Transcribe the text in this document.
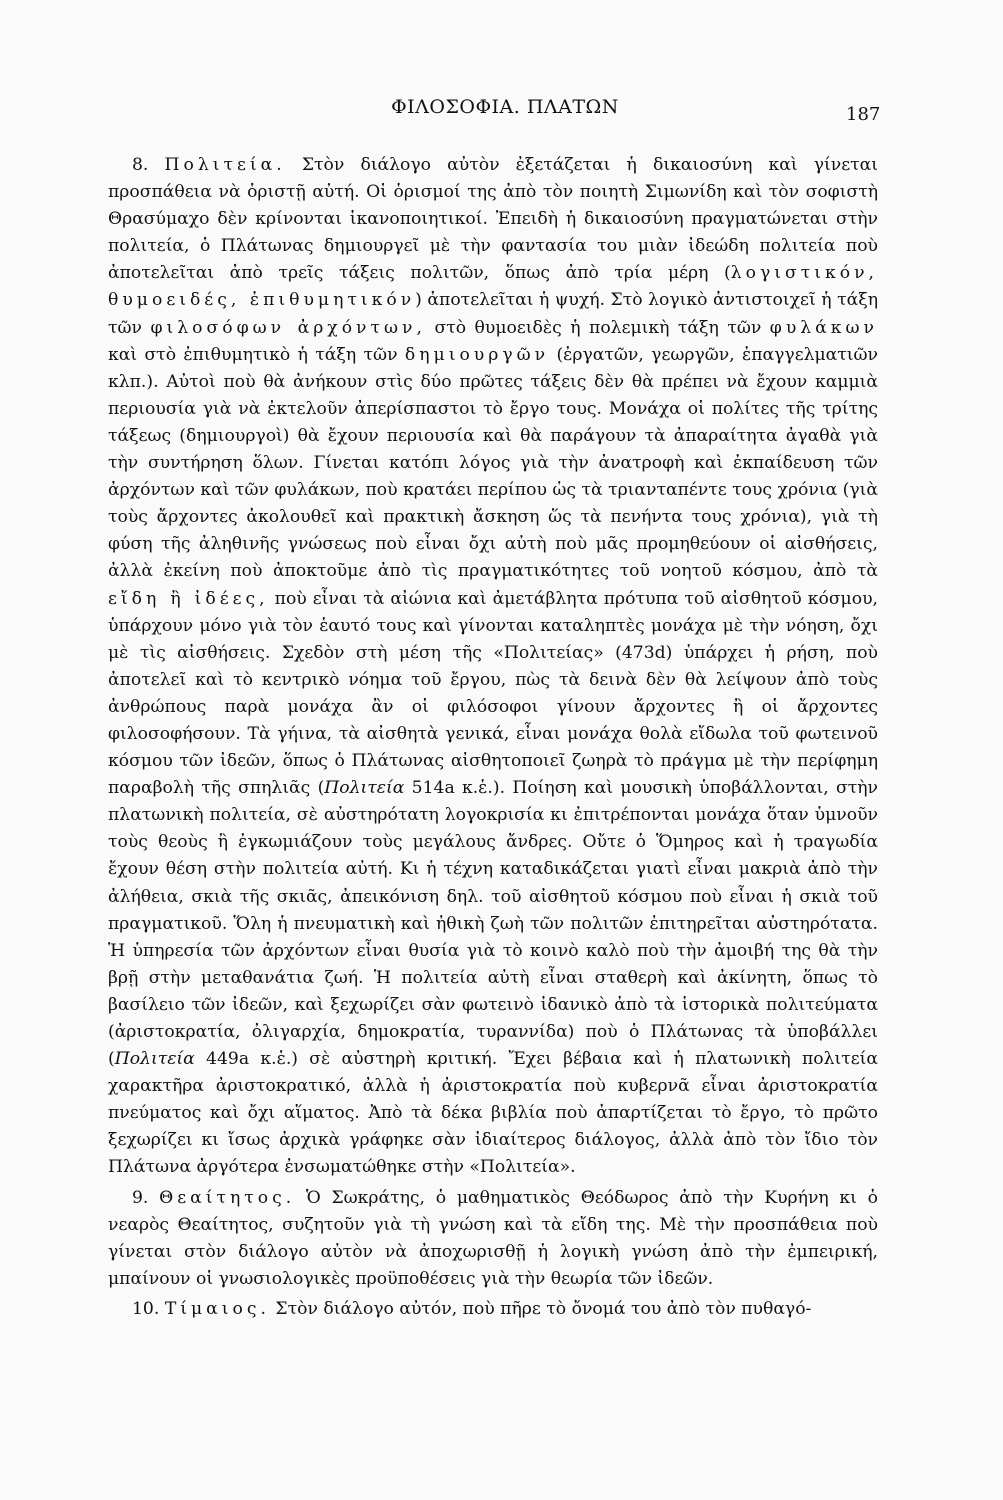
ΦΙΛΟΣΟΦΙΑ. ΠΛΑΤΩΝ	187

8. Πολιτεία. Στὸν διάλογο αὐτὸν ἐξετάζεται ἡ δικαιοσύνη καὶ γίνεται προσπάθεια νὰ ὁριστῇ αὐτή. Οἱ ὁρισμοί της ἀπὸ τὸν ποιητὴ Σιμωνίδη καὶ τὸν σοφιστὴ Θρασύμαχο δὲν κρίνονται ἱκανοποιητικοί. Ἐπειδὴ ἡ δικαιοσύνη πραγματώνεται στὴν πολιτεία, ὁ Πλάτωνας δημιουργεῖ μὲ τὴν φαντασία του μιὰν ἰδεώδη πολιτεία ποὺ ἀποτελεῖται ἀπὸ τρεῖς τάξεις πολιτῶν, ὅπως ἀπὸ τρία μέρη (λογιστικόν, θυμοειδές, ἐπιθυμητικόν) ἀποτελεῖται ἡ ψυχή. Στὸ λογικὸ ἀντιστοιχεῖ ἡ τάξη τῶν φιλοσόφων ἀρχόντων, στὸ θυμοειδὲς ἡ πολεμικὴ τάξη τῶν φυλάκων καὶ στὸ ἐπιθυμητικὸ ἡ τάξη τῶν δημιουργῶν (ἐργατῶν, γεωργῶν, ἐπαγγελματιῶν κλπ.). Αὐτοὶ ποὺ θὰ ἀνήκουν στὶς δύο πρῶτες τάξεις δὲν θὰ πρέπει νὰ ἔχουν καμμιὰ περιουσία γιὰ νὰ ἐκτελοῦν ἀπερίσπαστοι τὸ ἔργο τους. Μονάχα οἱ πολίτες τῆς τρίτης τάξεως (δημιουργοὶ) θὰ ἔχουν περιουσία καὶ θὰ παράγουν τὰ ἀπαραίτητα ἀγαθὰ γιὰ τὴν συντήρηση ὅλων. Γίνεται κατόπι λόγος γιὰ τὴν ἀνατροφὴ καὶ ἐκπαίδευση τῶν ἀρχόντων καὶ τῶν φυλάκων, ποὺ κρατάει περίπου ὡς τὰ τριανταπέντε τους χρόνια (γιὰ τοὺς ἄρχοντες ἀκολουθεῖ καὶ πρακτικὴ ἄσκηση ὥς τὰ πενήντα τους χρόνια), γιὰ τὴ φύση τῆς ἀληθινῆς γνώσεως ποὺ εἶναι ὄχι αὐτὴ ποὺ μᾶς προμηθεύουν οἱ αἰσθήσεις, ἀλλὰ ἐκείνη ποὺ ἀποκτοῦμε ἀπὸ τὶς πραγματικότητες τοῦ νοητοῦ κόσμου, ἀπὸ τὰ εἴδη ἢ ἰδέες, ποὺ εἶναι τὰ αἰώνια καὶ ἀμετάβλητα πρότυπα τοῦ αἰσθητοῦ κόσμου, ὑπάρχουν μόνο γιὰ τὸν ἑαυτό τους καὶ γίνονται καταληπτὲς μονάχα μὲ τὴν νόηση, ὄχι μὲ τὶς αἰσθήσεις. Σχεδὸν στὴ μέση τῆς «Πολιτείας» (473d) ὑπάρχει ἡ ρήση, ποὺ ἀποτελεῖ καὶ τὸ κεντρικὸ νόημα τοῦ ἔργου, πὼς τὰ δεινὰ δὲν θὰ λείψουν ἀπὸ τοὺς ἀνθρώπους παρὰ μονάχα ἂν οἱ φιλόσοφοι γίνουν ἄρχοντες ἢ οἱ ἄρχοντες φιλοσοφήσουν. Τὰ γήινα, τὰ αἰσθητὰ γενικά, εἶναι μονάχα θολὰ εἴδωλα τοῦ φωτεινοῦ κόσμου τῶν ἰδεῶν, ὅπως ὁ Πλάτωνας αἰσθητοποιεῖ ζωηρὰ τὸ πράγμα μὲ τὴν περίφημη παραβολὴ τῆς σπηλιᾶς (Πολιτεία 514a κ.ἑ.). Ποίηση καὶ μουσικὴ ὑποβάλλονται, στὴν πλατωνικὴ πολιτεία, σὲ αὐστηρότατη λογοκρισία κι ἐπιτρέπονται μονάχα ὅταν ὑμνοῦν τοὺς θεοὺς ἢ ἐγκωμιάζουν τοὺς μεγάλους ἄνδρες. Οὔτε ὁ Ὅμηρος καὶ ἡ τραγωδία ἔχουν θέση στὴν πολιτεία αὐτή. Κι ἡ τέχνη καταδικάζεται γιατὶ εἶναι μακριὰ ἀπὸ τὴν ἀλήθεια, σκιὰ τῆς σκιᾶς, ἀπεικόνιση δηλ. τοῦ αἰσθητοῦ κόσμου ποὺ εἶναι ἡ σκιὰ τοῦ πραγματικοῦ. Ὅλη ἡ πνευματικὴ καὶ ἠθικὴ ζωὴ τῶν πολιτῶν ἐπιτηρεῖται αὐστηρότατα. Ἡ ὑπηρεσία τῶν ἀρχόντων εἶναι θυσία γιὰ τὸ κοινὸ καλὸ ποὺ τὴν ἀμοιβή της θὰ τὴν βρῇ στὴν μεταθανάτια ζωή. Ἡ πολιτεία αὐτὴ εἶναι σταθερὴ καὶ ἀκίνητη, ὅπως τὸ βασίλειο τῶν ἰδεῶν, καὶ ξεχωρίζει σὰν φωτεινὸ ἰδανικὸ ἀπὸ τὰ ἱστορικὰ πολιτεύματα (ἀριστοκρατία, ὀλιγαρχία, δημοκρατία, τυραννίδα) ποὺ ὁ Πλάτωνας τὰ ὑποβάλλει (Πολιτεία 449a κ.ἑ.) σὲ αὐστηρὴ κριτική. Ἔχει βέβαια καὶ ἡ πλατωνικὴ πολιτεία χαρακτῆρα ἀριστοκρατικό, ἀλλὰ ἡ ἀριστοκρατία ποὺ κυβερνᾶ εἶναι ἀριστοκρατία πνεύματος καὶ ὄχι αἵματος. Ἀπὸ τὰ δέκα βιβλία ποὺ ἀπαρτίζεται τὸ ἔργο, τὸ πρῶτο ξεχωρίζει κι ἴσως ἀρχικὰ γράφηκε σὰν ἰδιαίτερος διάλογος, ἀλλὰ ἀπὸ τὸν ἴδιο τὸν Πλάτωνα ἀργότερα ἐνσωματώθηκε στὴν «Πολιτεία».

9. Θεαίτητος. Ὁ Σωκράτης, ὁ μαθηματικὸς Θεόδωρος ἀπὸ τὴν Κυρήνη κι ὁ νεαρὸς Θεαίτητος, συζητοῦν γιὰ τὴ γνώση καὶ τὰ εἴδη της. Μὲ τὴν προσπάθεια ποὺ γίνεται στὸν διάλογο αὐτὸν νὰ ἀποχωρισθῇ ἡ λογικὴ γνώση ἀπὸ τὴν ἐμπειρική, μπαίνουν οἱ γνωσιολογικὲς προϋποθέσεις γιὰ τὴν θεωρία τῶν ἰδεῶν.

10. Τίμαιος. Στὸν διάλογο αὐτόν, ποὺ πῆρε τὸ ὄνομά του ἀπὸ τὸν πυθαγό-
